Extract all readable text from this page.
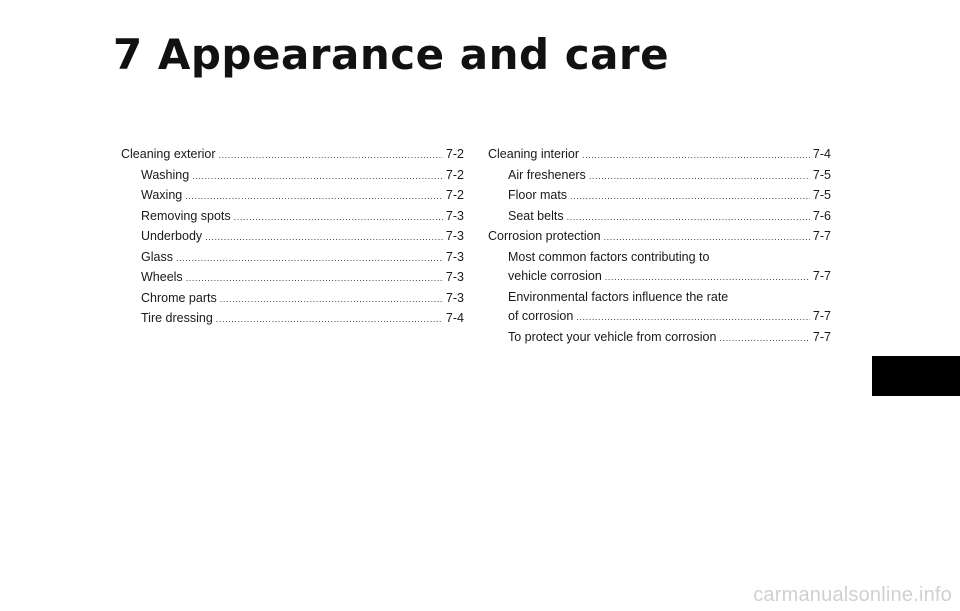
7 Appearance and care
Cleaning exterior .....	7-2
Washing .....	7-2
Waxing .....	7-2
Removing spots .....	7-3
Underbody .....	7-3
Glass .....	7-3
Wheels .....	7-3
Chrome parts .....	7-3
Tire dressing .....	7-4
Cleaning interior .....	7-4
Air fresheners .....	7-5
Floor mats .....	7-5
Seat belts .....	7-6
Corrosion protection .....	7-7
Most common factors contributing to
vehicle corrosion .....	7-7
Environmental factors influence the rate
of corrosion .....	7-7
To protect your vehicle from corrosion .....	7-7
carmanualsonline.info
